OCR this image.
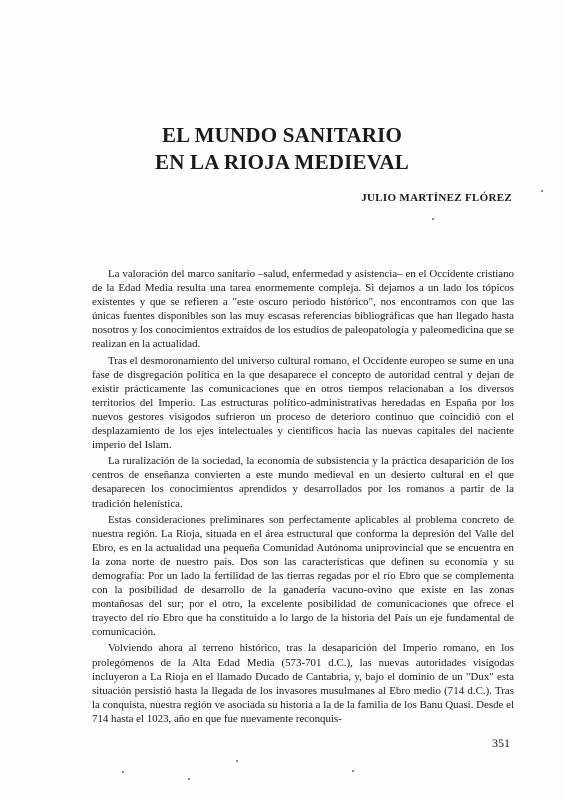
EL MUNDO SANITARIO
EN LA RIOJA MEDIEVAL
JULIO MARTÍNEZ FLÓREZ

La valoración del marco sanitario –salud, enfermedad y asistencia– en el Occidente cristiano de la Edad Media resulta una tarea enormemente compleja. Si dejamos a un lado los tópicos existentes y que se refieren a "este oscuro periodo histórico", nos encontramos con que las únicas fuentes disponibles son las muy escasas referencias bibliográficas que han llegado hasta nosotros y los conocimientos extraídos de los estudios de paleopatología y paleomedicina que se realizan en la actualidad.

Tras el desmoronamiento del universo cultural romano, el Occidente europeo se sume en una fase de disgregación política en la que desaparece el concepto de autoridad central y dejan de existir prácticamente las comunicaciones que en otros tiempos relacionaban a los diversos territorios del Imperio. Las estructuras político-administrativas heredadas en España por los nuevos gestores visigodos sufrieron un proceso de deterioro continuo que coincidió con el desplazamiento de los ejes intelectuales y científicos hacia las nuevas capitales del naciente imperio del Islam.

La ruralización de la sociedad, la economía de subsistencia y la práctica desaparición de los centros de enseñanza convierten a este mundo medieval en un desierto cultural en el que desaparecen los conocimientos aprendidos y desarrollados por los romanos a partir de la tradición helenística.

Estas consideraciones preliminares son perfectamente aplicables al problema concreto de nuestra región. La Rioja, situada en el área estructural que conforma la depresión del Valle del Ebro, es en la actualidad una pequeña Comunidad Autónoma uniprovincial que se encuentra en la zona norte de nuestro país. Dos son las características que definen su economía y su demografía: Por un lado la fertilidad de las tierras regadas por el río Ebro que se complementa con la posibilidad de desarrollo de la ganadería vacuno-ovino que existe en las zonas montañosas del sur; por el otro, la excelente posibilidad de comunicaciones que ofrece el trayecto del río Ebro que ha constituido a lo largo de la historia del País un eje fundamental de comunicación.

Volviendo ahora al terreno histórico, tras la desaparición del Imperio romano, en los prolegómenos de la Alta Edad Media (573-701 d.C.), las nuevas autoridades visigodas incluyeron a La Rioja en el llamado Ducado de Cantabria, y, bajo el dominio de un "Dux" esta situación persistió hasta la llegada de los invasores musulmanes al Ebro medio (714 d.C.). Tras la conquista, nuestra región ve asociada su historia a la de la familia de los Banu Quasi. Desde el 714 hasta el 1023, año en que fue nuevamente reconquis-

351
